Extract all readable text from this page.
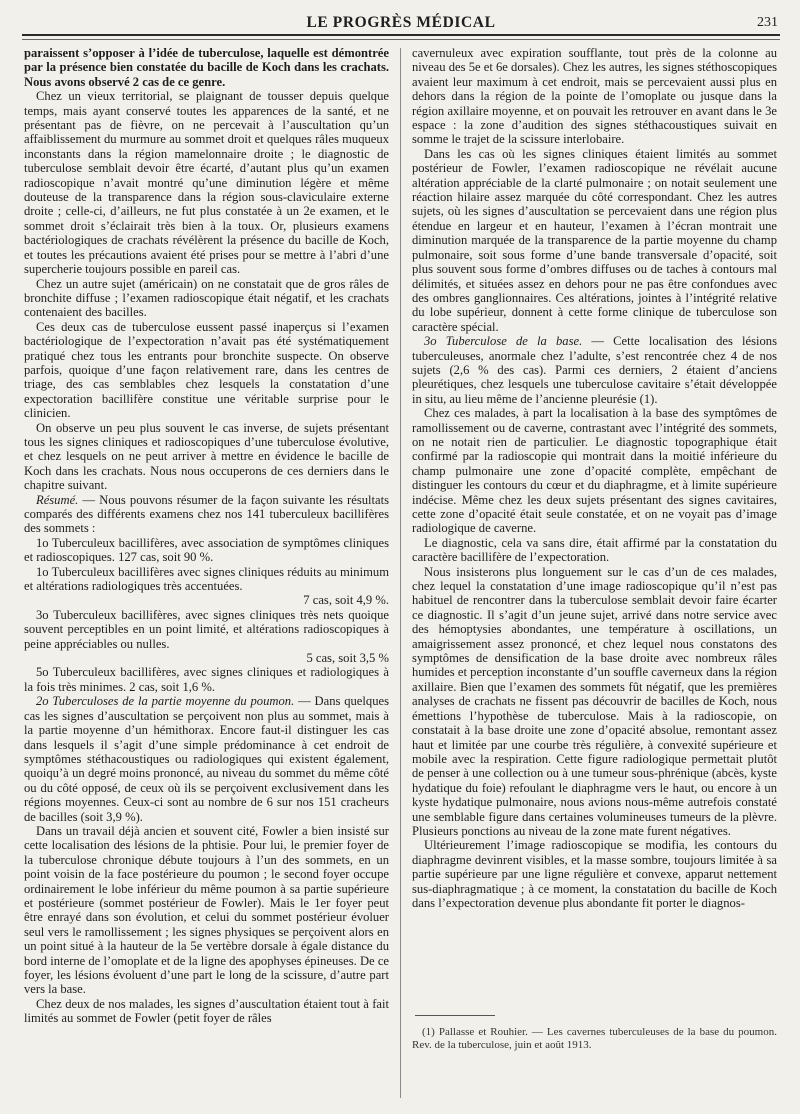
LE PROGRÈS MÉDICAL	231

paraissent s’opposer à l’idée de tuberculose, laquelle est démontrée par la présence bien constatée du bacille de Koch dans les crachats. Nous avons observé 2 cas de ce genre.

Chez un vieux territorial, se plaignant de tousser depuis quelque temps, mais ayant conservé toutes les apparences de la santé, et ne présentant pas de fièvre, on ne percevait à l’auscultation qu’un affaiblissement du murmure au sommet droit et quelques râles muqueux inconstants dans la région mamelonnaire droite ; le diagnostic de tuberculose semblait devoir être écarté, d’autant plus qu’un examen radioscopique n’avait montré qu’une diminution légère et même douteuse de la transparence dans la région sous-claviculaire externe droite ; celle-ci, d’ailleurs, ne fut plus constatée à un 2e examen, et le sommet droit s’éclairait très bien à la toux. Or, plusieurs examens bactériologiques de crachats révélèrent la présence du bacille de Koch, et toutes les précautions avaient été prises pour se mettre à l’abri d’une supercherie toujours possible en pareil cas.

Chez un autre sujet (américain) on ne constatait que de gros râles de bronchite diffuse ; l’examen radioscopique était négatif, et les crachats contenaient des bacilles.

Ces deux cas de tuberculose eussent passé inaperçus si l’examen bactériologique de l’expectoration n’avait pas été systématiquement pratiqué chez tous les entrants pour bronchite suspecte. On observe parfois, quoique d’une façon relativement rare, dans les centres de triage, des cas semblables chez lesquels la constatation d’une expectoration bacillifère constitue une véritable surprise pour le clinicien.

On observe un peu plus souvent le cas inverse, de sujets présentant tous les signes cliniques et radioscopiques d’une tuberculose évolutive, et chez lesquels on ne peut arriver à mettre en évidence le bacille de Koch dans les crachats. Nous nous occuperons de ces derniers dans le chapitre suivant.

Résumé. — Nous pouvons résumer de la façon suivante les résultats comparés des différents examens chez nos 141 tuberculeux bacillifères des sommets :

1o Tuberculeux bacillifères, avec association de symptômes cliniques et radioscopiques. 127 cas, soit 90 %.

1o Tuberculeux bacillifères avec signes cliniques réduits au minimum et altérations radiologiques très accentuées.

7 cas, soit 4,9 %.

3o Tuberculeux bacillifères, avec signes cliniques très nets quoique souvent perceptibles en un point limité, et altérations radioscopiques à peine appréciables ou nulles.

5 cas, soit 3,5 %

5o Tuberculeux bacillifères, avec signes cliniques et radiologiques à la fois très minimes. 2 cas, soit 1,6 %.

2o Tuberculoses de la partie moyenne du poumon. — Dans quelques cas les signes d’auscultation se perçoivent non plus au sommet, mais à la partie moyenne d’un hémithorax. Encore faut-il distinguer les cas dans lesquels il s’agit d’une simple prédominance à cet endroit de symptômes stéthacoustiques ou radiologiques qui existent également, quoiqu’à un degré moins prononcé, au niveau du sommet du même côté ou du côté opposé, de ceux où ils se perçoivent exclusivement dans les régions moyennes. Ceux-ci sont au nombre de 6 sur nos 151 cracheurs de bacilles (soit 3,9 %).

Dans un travail déjà ancien et souvent cité, Fowler a bien insisté sur cette localisation des lésions de la phtisie. Pour lui, le premier foyer de la tuberculose chronique débute toujours à l’un des sommets, en un point voisin de la face postérieure du poumon ; le second foyer occupe ordinairement le lobe inférieur du même poumon à sa partie supérieure et postérieure (sommet postérieur de Fowler). Mais le 1er foyer peut être enrayé dans son évolution, et celui du sommet postérieur évoluer seul vers le ramollissement ; les signes physiques se perçoivent alors en un point situé à la hauteur de la 5e vertèbre dorsale à égale distance du bord interne de l’omoplate et de la ligne des apophyses épineuses. De ce foyer, les lésions évoluent d’une part le long de la scissure, d’autre part vers la base.

Chez deux de nos malades, les signes d’auscultation étaient tout à fait limités au sommet de Fowler (petit foyer de râles

cavernuleux avec expiration soufflante, tout près de la colonne au niveau des 5e et 6e dorsales). Chez les autres, les signes stéthoscopiques avaient leur maximum à cet endroit, mais se percevaient aussi plus en dehors dans la région de la pointe de l’omoplate ou jusque dans la région axillaire moyenne, et on pouvait les retrouver en avant dans le 3e espace : la zone d’audition des signes stéthacoustiques suivait en somme le trajet de la scissure interlobaire.

Dans les cas où les signes cliniques étaient limités au sommet postérieur de Fowler, l’examen radioscopique ne révélait aucune altération appréciable de la clarté pulmonaire ; on notait seulement une réaction hilaire assez marquée du côté correspondant. Chez les autres sujets, où les signes d’auscultation se percevaient dans une région plus étendue en largeur et en hauteur, l’examen à l’écran montrait une diminution marquée de la transparence de la partie moyenne du champ pulmonaire, soit sous forme d’une bande transversale d’opacité, soit plus souvent sous forme d’ombres diffuses ou de taches à contours mal délimités, et situées assez en dehors pour ne pas être confondues avec des ombres ganglionnaires. Ces altérations, jointes à l’intégrité relative du lobe supérieur, donnent à cette forme clinique de tuberculose son caractère spécial.

3o Tuberculose de la base. — Cette localisation des lésions tuberculeuses, anormale chez l’adulte, s’est rencontrée chez 4 de nos sujets (2,6 % des cas). Parmi ces derniers, 2 étaient d’anciens pleurétiques, chez lesquels une tuberculose cavitaire s’était développée in situ, au lieu même de l’ancienne pleurésie (1).

Chez ces malades, à part la localisation à la base des symptômes de ramollissement ou de caverne, contrastant avec l’intégrité des sommets, on ne notait rien de particulier. Le diagnostic topographique était confirmé par la radioscopie qui montrait dans la moitié inférieure du champ pulmonaire une zone d’opacité complète, empêchant de distinguer les contours du cœur et du diaphragme, et à limite supérieure indécise. Même chez les deux sujets présentant des signes cavitaires, cette zone d’opacité était seule constatée, et on ne voyait pas d’image radiologique de caverne.

Le diagnostic, cela va sans dire, était affirmé par la constatation du caractère bacillifère de l’expectoration.

Nous insisterons plus longuement sur le cas d’un de ces malades, chez lequel la constatation d’une image radioscopique qu’il n’est pas habituel de rencontrer dans la tuberculose semblait devoir faire écarter ce diagnostic. Il s’agit d’un jeune sujet, arrivé dans notre service avec des hémoptysies abondantes, une température à oscillations, un amaigrissement assez prononcé, et chez lequel nous constatons des symptômes de densification de la base droite avec nombreux râles humides et perception inconstante d’un souffle caverneux dans la région axillaire. Bien que l’examen des sommets fût négatif, que les premières analyses de crachats ne fissent pas découvrir de bacilles de Koch, nous émettions l’hypothèse de tuberculose. Mais à la radioscopie, on constatait à la base droite une zone d’opacité absolue, remontant assez haut et limitée par une courbe très régulière, à convexité supérieure et mobile avec la respiration. Cette figure radiologique permettait plutôt de penser à une collection ou à une tumeur sous-phrénique (abcès, kyste hydatique du foie) refoulant le diaphragme vers le haut, ou encore à un kyste hydatique pulmonaire, nous avions nous-même autrefois constaté une semblable figure dans certaines volumineuses tumeurs de la plèvre. Plusieurs ponctions au niveau de la zone mate furent négatives.

Ultérieurement l’image radioscopique se modifia, les contours du diaphragme devinrent visibles, et la masse sombre, toujours limitée à sa partie supérieure par une ligne régulière et convexe, apparut nettement sus-diaphragmatique ; à ce moment, la constatation du bacille de Koch dans l’expectoration devenue plus abondante fit porter le diagnos-

(1) Pallasse et Rouhier. — Les cavernes tuberculeuses de la base du poumon. Rev. de la tuberculose, juin et août 1913.
